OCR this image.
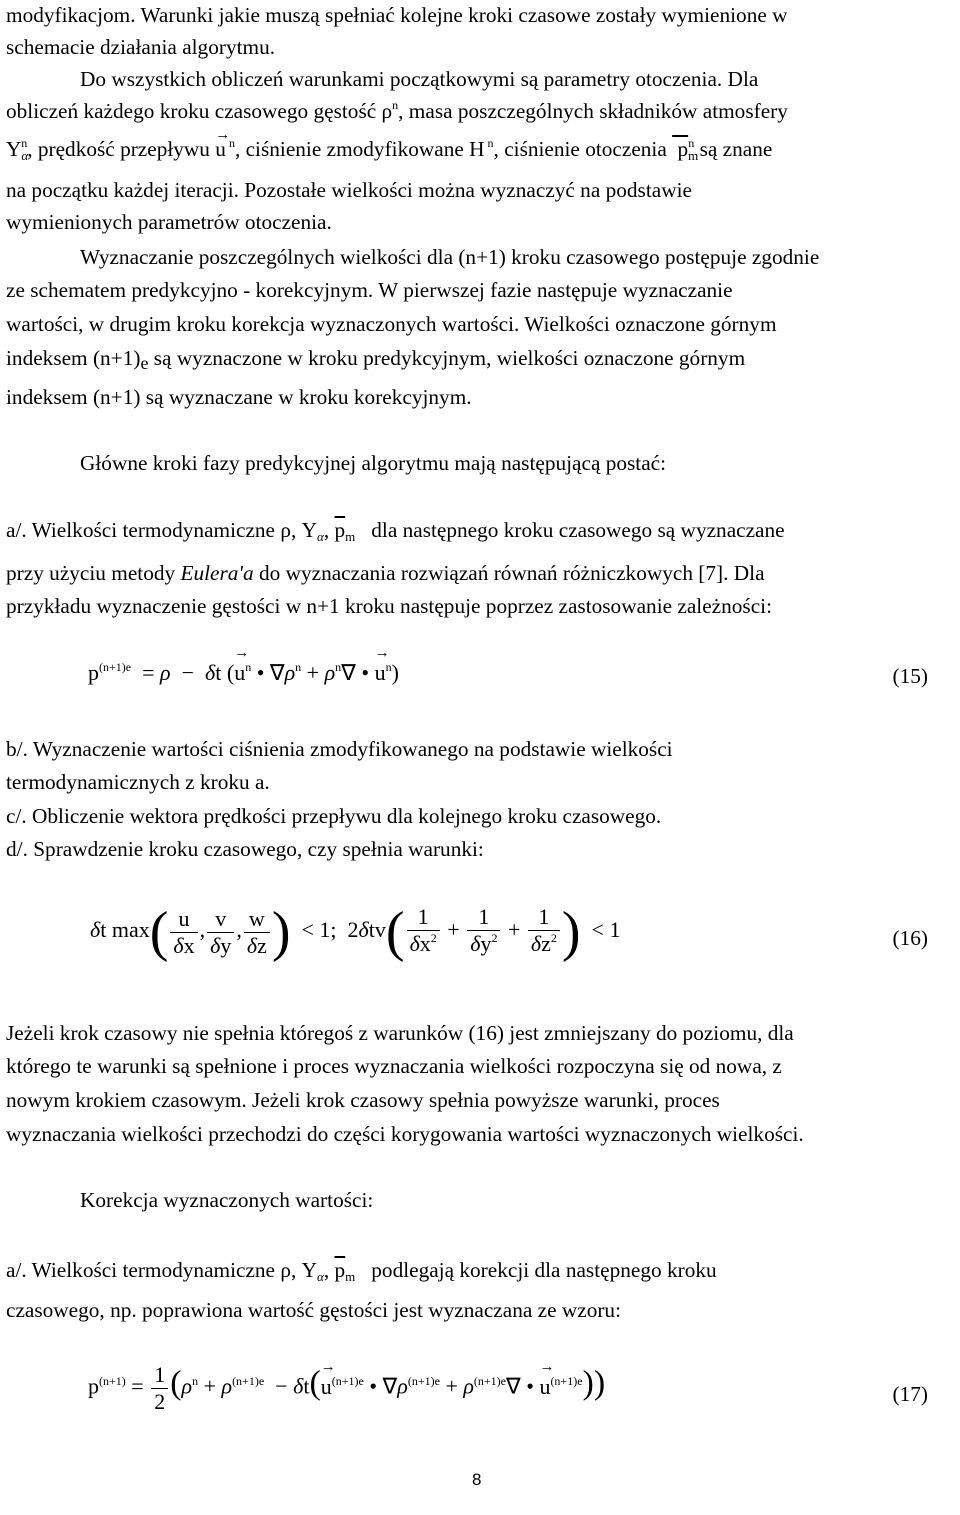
modyfikacjom. Warunki jakie muszą spełniać kolejne kroki czasowe zostały wymienione w
schemacie działania algorytmu.
Do wszystkich obliczeń warunkami początkowymi są parametry otoczenia. Dla
obliczeń każdego kroku czasowego gęstość $\rho^n$, masa poszczególnych składników atmosfery
$Y\alpha^n$, prędkość przepływu → u $^n$, ciśnienie zmodyfikowane H $^n$, ciśnienie otoczenia  $pm^n$ są znane
na początku każdej iteracji. Pozostałe wielkości można wyznaczyć na podstawie
wymienionych parametrów otoczenia.
Wyznaczanie poszczególnych wielkości dla (n+1) kroku czasowego postępuje zgodnie
ze schematem predykcyjno - korekcyjnym. W pierwszej fazie następuje wyznaczanie
wartości, w drugim kroku korekcja wyznaczonych wartości. Wielkości oznaczone górnym
indeksem (n+1)e są wyznaczone w kroku predykcyjnym, wielkości oznaczone górnym
indeksem (n+1) są wyznaczane w kroku korekcyjnym.
Główne kroki fazy predykcyjnej algorytmu mają następującą postać:
a/. Wielkości termodynamiczne ρ, Yα, $\overline{p}m$ dla następnego kroku czasowego są wyznaczane
przy użyciu metody Eulera'a do wyznaczania rozwiązań równań różniczkowych [7]. Dla
przykładu wyznaczenie gęstości w n+1 kroku następuje poprzez zastosowanie zależności:
$p^{(n+1)e} = \rho - \delta t$ (→ $u^n$ • $\nabla\rho^n + \rho^n\nabla$ • → $u^n$)	(15)
b/. Wyznaczenie wartości ciśnienia zmodyfikowanego na podstawie wielkości
termodynamicznych z kroku a.
c/. Obliczenie wektora prędkości przepływu dla kolejnego kroku czasowego.
d/. Sprawdzenie kroku czasowego, czy spełnia warunki:
δt $\max( \frac{u}{\delta x}$ , $\frac{v}{\delta y}$ , $\frac{w}{\delta z}$ )  < 1;  $2\delta tv( \frac{1}{\delta x^2} + \frac{1}{\delta y^2} + \frac{1}{\delta z^2}$ )  < 1	(16)
Jeżeli krok czasowy nie spełnia któregoś z warunków (16) jest zmniejszany do poziomu, dla
którego te warunki są spełnione i proces wyznaczania wielkości rozpoczyna się od nowa, z
nowym krokiem czasowym. Jeżeli krok czasowy spełnia powyższe warunki, proces
wyznaczania wielkości przechodzi do części korygowania wartości wyznaczonych wielkości.
Korekcja wyznaczonych wartości:
a/. Wielkości termodynamiczne ρ, Yα, $\overline{p}m$ podlegają korekcji dla następnego kroku
czasowego, np. poprawiona wartość gęstości jest wyznaczana ze wzoru:
$p^{(n+1)} = \frac{1}{2} (\rho^n + \rho^{(n+1)e} - \delta t(\to u^{(n+1)e}$ • $\nabla\rho^{(n+1)e} + \rho^{(n+1)e}\nabla$ • → $u^{(n+1)e}$))	(17)
8
